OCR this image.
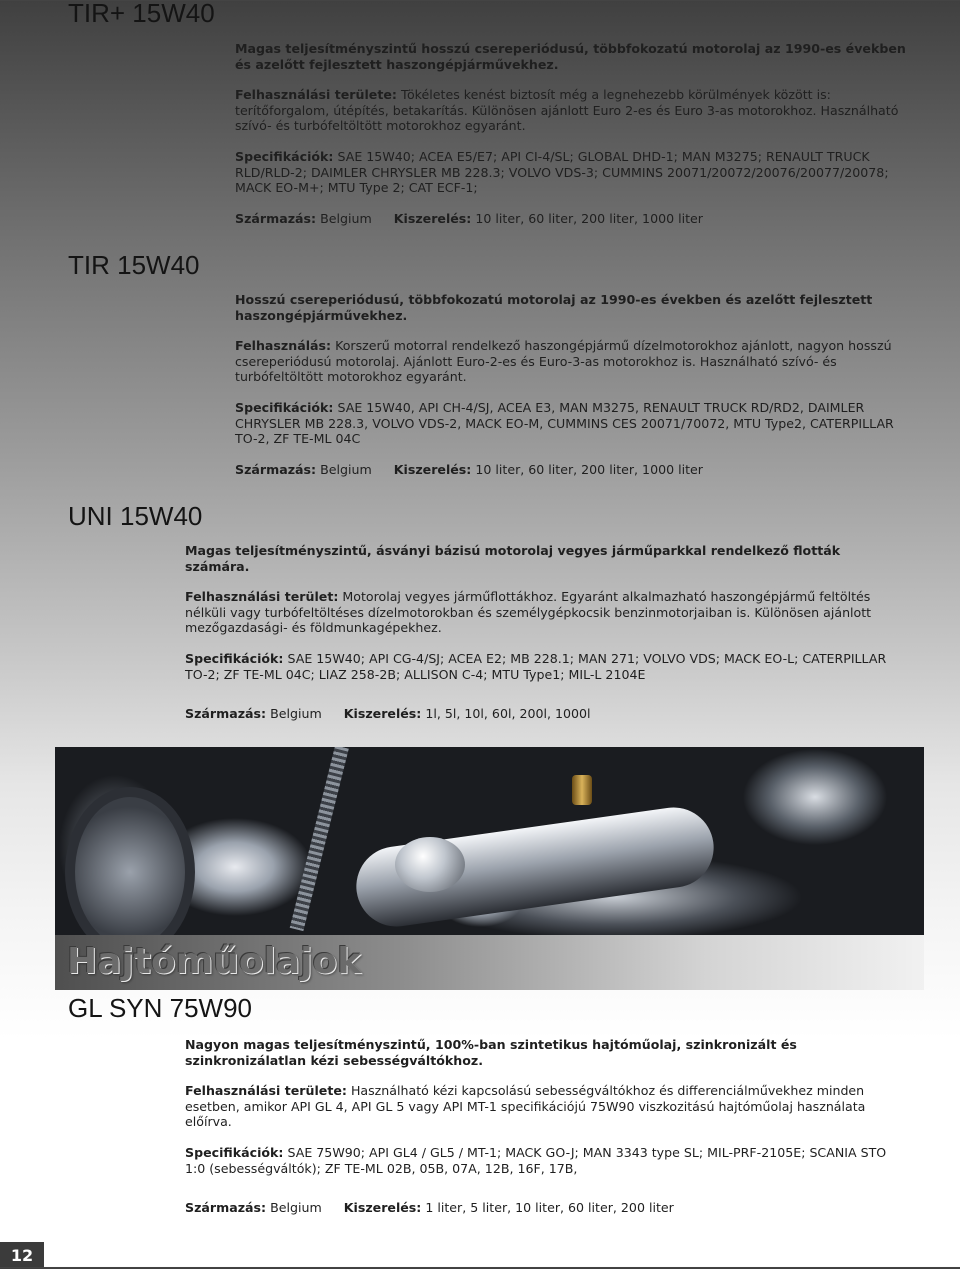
TIR+ 15W40

Magas teljesítményszintű hosszú csereperiódusú, többfokozatú motorolaj az 1990-es években és azelőtt fejlesztett haszongépjárművekhez.

Felhasználási területe: Tökéletes kenést biztosít még a legnehezebb körülmények között is: terítőforgalom, útépítés, betakarítás. Különösen ajánlott Euro 2-es és Euro 3-as motorokhoz. Használható szívó- és turbófeltöltött motorokhoz egyaránt.

Specifikációk: SAE 15W40; ACEA E5/E7; API CI-4/SL; GLOBAL DHD-1; MAN M3275; RENAULT TRUCK RLD/RLD-2; DAIMLER CHRYSLER MB 228.3; VOLVO VDS-3; CUMMINS 20071/20072/20076/20077/20078; MACK EO-M+; MTU Type 2; CAT ECF-1;

Származás: Belgium Kiszerelés: 10 liter, 60 liter, 200 liter, 1000 liter

TIR 15W40

Hosszú csereperiódusú, többfokozatú motorolaj az 1990-es években és azelőtt fejlesztett haszongépjárművekhez.

Felhasználás: Korszerű motorral rendelkező haszongépjármű dízelmotorokhoz ajánlott, nagyon hosszú csereperiódusú motorolaj. Ajánlott Euro-2-es és Euro-3-as motorokhoz is. Használható szívó- és turbófeltöltött motorokhoz egyaránt.

Specifikációk: SAE 15W40, API CH-4/SJ, ACEA E3, MAN M3275, RENAULT TRUCK RD/RD2, DAIMLER CHRYSLER MB 228.3, VOLVO VDS-2, MACK EO-M, CUMMINS CES 20071/70072, MTU Type2, CATERPILLAR TO-2, ZF TE-ML 04C

Származás: Belgium Kiszerelés: 10 liter, 60 liter, 200 liter, 1000 liter

UNI 15W40

Magas teljesítményszintű, ásványi bázisú motorolaj vegyes járműparkkal rendelkező flották számára.

Felhasználási terület: Motorolaj vegyes járműflottákhoz. Egyaránt alkalmazható haszongépjármű feltöltés nélküli vagy turbófeltöltéses dízelmotorokban és személygépkocsik benzinmotorjaiban is. Különösen ajánlott mezőgazdasági- és földmunkagépekhez.

Specifikációk: SAE 15W40; API CG-4/SJ; ACEA E2; MB 228.1; MAN 271; VOLVO VDS; MACK EO-L; CATERPILLAR TO-2; ZF TE-ML 04C; LIAZ 258-2B; ALLISON C-4; MTU Type1; MIL-L 2104E

Származás: Belgium Kiszerelés: 1l, 5l, 10l, 60l, 200l, 1000l

Hajtóműolajok
GL SYN 75W90

Nagyon magas teljesítményszintű, 100%-ban szintetikus hajtóműolaj, szinkronizált és szinkronizálatlan kézi sebességváltókhoz.

Felhasználási területe: Használható kézi kapcsolású sebességváltókhoz és differenciálművekhez minden esetben, amikor API GL 4, API GL 5 vagy API MT-1 specifikációjú 75W90 viszkozitású hajtóműolaj használata előírva.

Specifikációk: SAE 75W90; API GL4 / GL5 / MT-1; MACK GO-J; MAN 3343 type SL; MIL-PRF-2105E; SCANIA STO 1:0 (sebességváltók); ZF TE-ML 02B, 05B, 07A, 12B, 16F, 17B,

Származás: Belgium Kiszerelés: 1 liter, 5 liter, 10 liter, 60 liter, 200 liter

12
